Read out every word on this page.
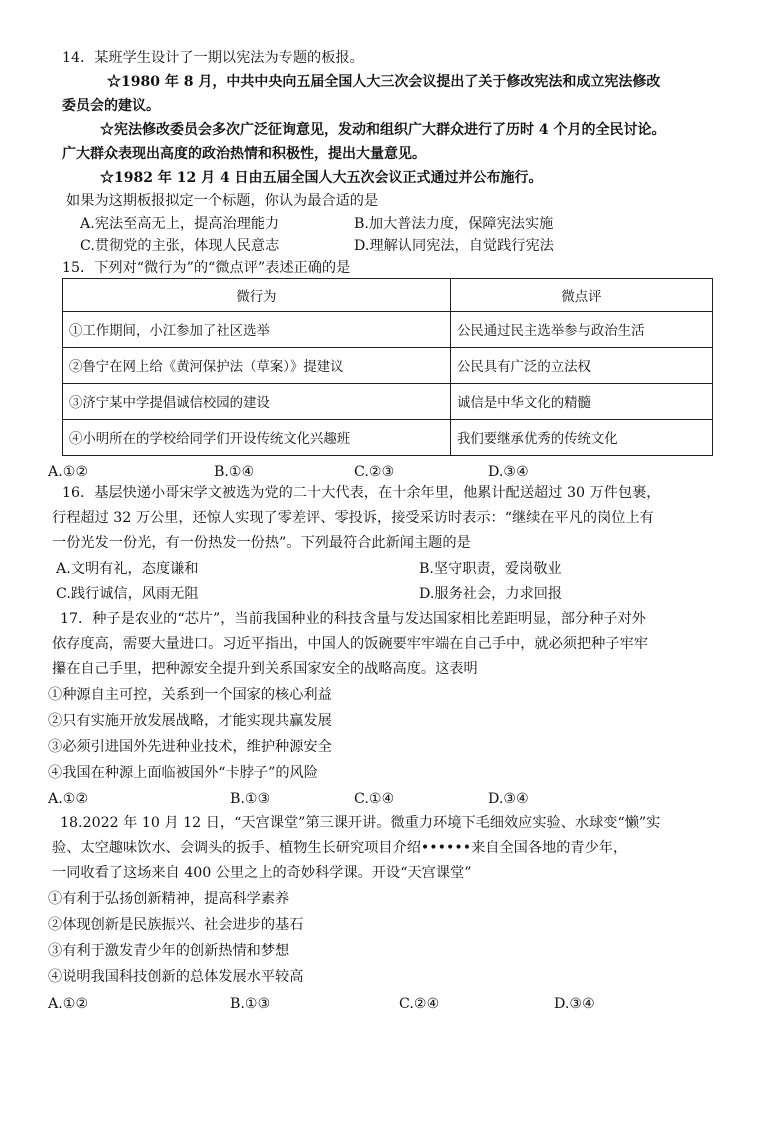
14．某班学生设计了一期以宪法为专题的板报。
☆1980 年 8 月，中共中央向五届全国人大三次会议提出了关于修改宪法和成立宪法修改
委员会的建议。
☆宪法修改委员会多次广泛征询意见，发动和组织广大群众进行了历时 4 个月的全民讨论。
广大群众表现出高度的政治热情和积极性，提出大量意见。
☆1982 年 12 月 4 日由五届全国人大五次会议正式通过并公布施行。
如果为这期板报拟定一个标题，你认为最合适的是
A.宪法至高无上，提高治理能力	B.加大普法力度，保障宪法实施
C.贯彻党的主张，体现人民意志	D.理解认同宪法，自觉践行宪法
15．下列对“微行为”的“微点评”表述正确的是
微行为	微点评
①工作期间，小江参加了社区选举	公民通过民主选举参与政治生活
②鲁宁在网上给《黄河保护法（草案）》提建议	公民具有广泛的立法权
③济宁某中学提倡诚信校园的建设	诚信是中华文化的精髓
④小明所在的学校给同学们开设传统文化兴趣班	我们要继承优秀的传统文化
A.①②	B.①④	C.②③	D.③④
16．基层快递小哥宋学文被选为党的二十大代表，在十余年里，他累计配送超过 30 万件包裹，
行程超过 32 万公里，还惊人实现了零差评、零投诉，接受采访时表示：“继续在平凡的岗位上有
一份光发一份光，有一份热发一份热”。下列最符合此新闻主题的是
A.文明有礼，态度谦和	B.坚守职责，爱岗敬业
C.践行诚信，风雨无阻	D.服务社会，力求回报
17．种子是农业的“芯片”，当前我国种业的科技含量与发达国家相比差距明显，部分种子对外
依存度高，需要大量进口。习近平指出，中国人的饭碗要牢牢端在自己手中，就必须把种子牢牢
攥在自己手里，把种源安全提升到关系国家安全的战略高度。这表明
①种源自主可控，关系到一个国家的核心利益
②只有实施开放发展战略，才能实现共赢发展
③必须引进国外先进种业技术，维护种源安全
④我国在种源上面临被国外“卡脖子”的风险
A.①②	B.①③	C.①④	D.③④
18.2022 年 10 月 12 日，“天宫课堂”第三课开讲。微重力环境下毛细效应实验、水球变“懒”实
验、太空趣味饮水、会调头的扳手、植物生长研究项目介绍••••••来自全国各地的青少年，
一同收看了这场来自 400 公里之上的奇妙科学课。开设“天宫课堂”
①有利于弘扬创新精神，提高科学素养
②体现创新是民族振兴、社会进步的基石
③有利于激发青少年的创新热情和梦想
④说明我国科技创新的总体发展水平较高
A.①②	B.①③	C.②④	D.③④
